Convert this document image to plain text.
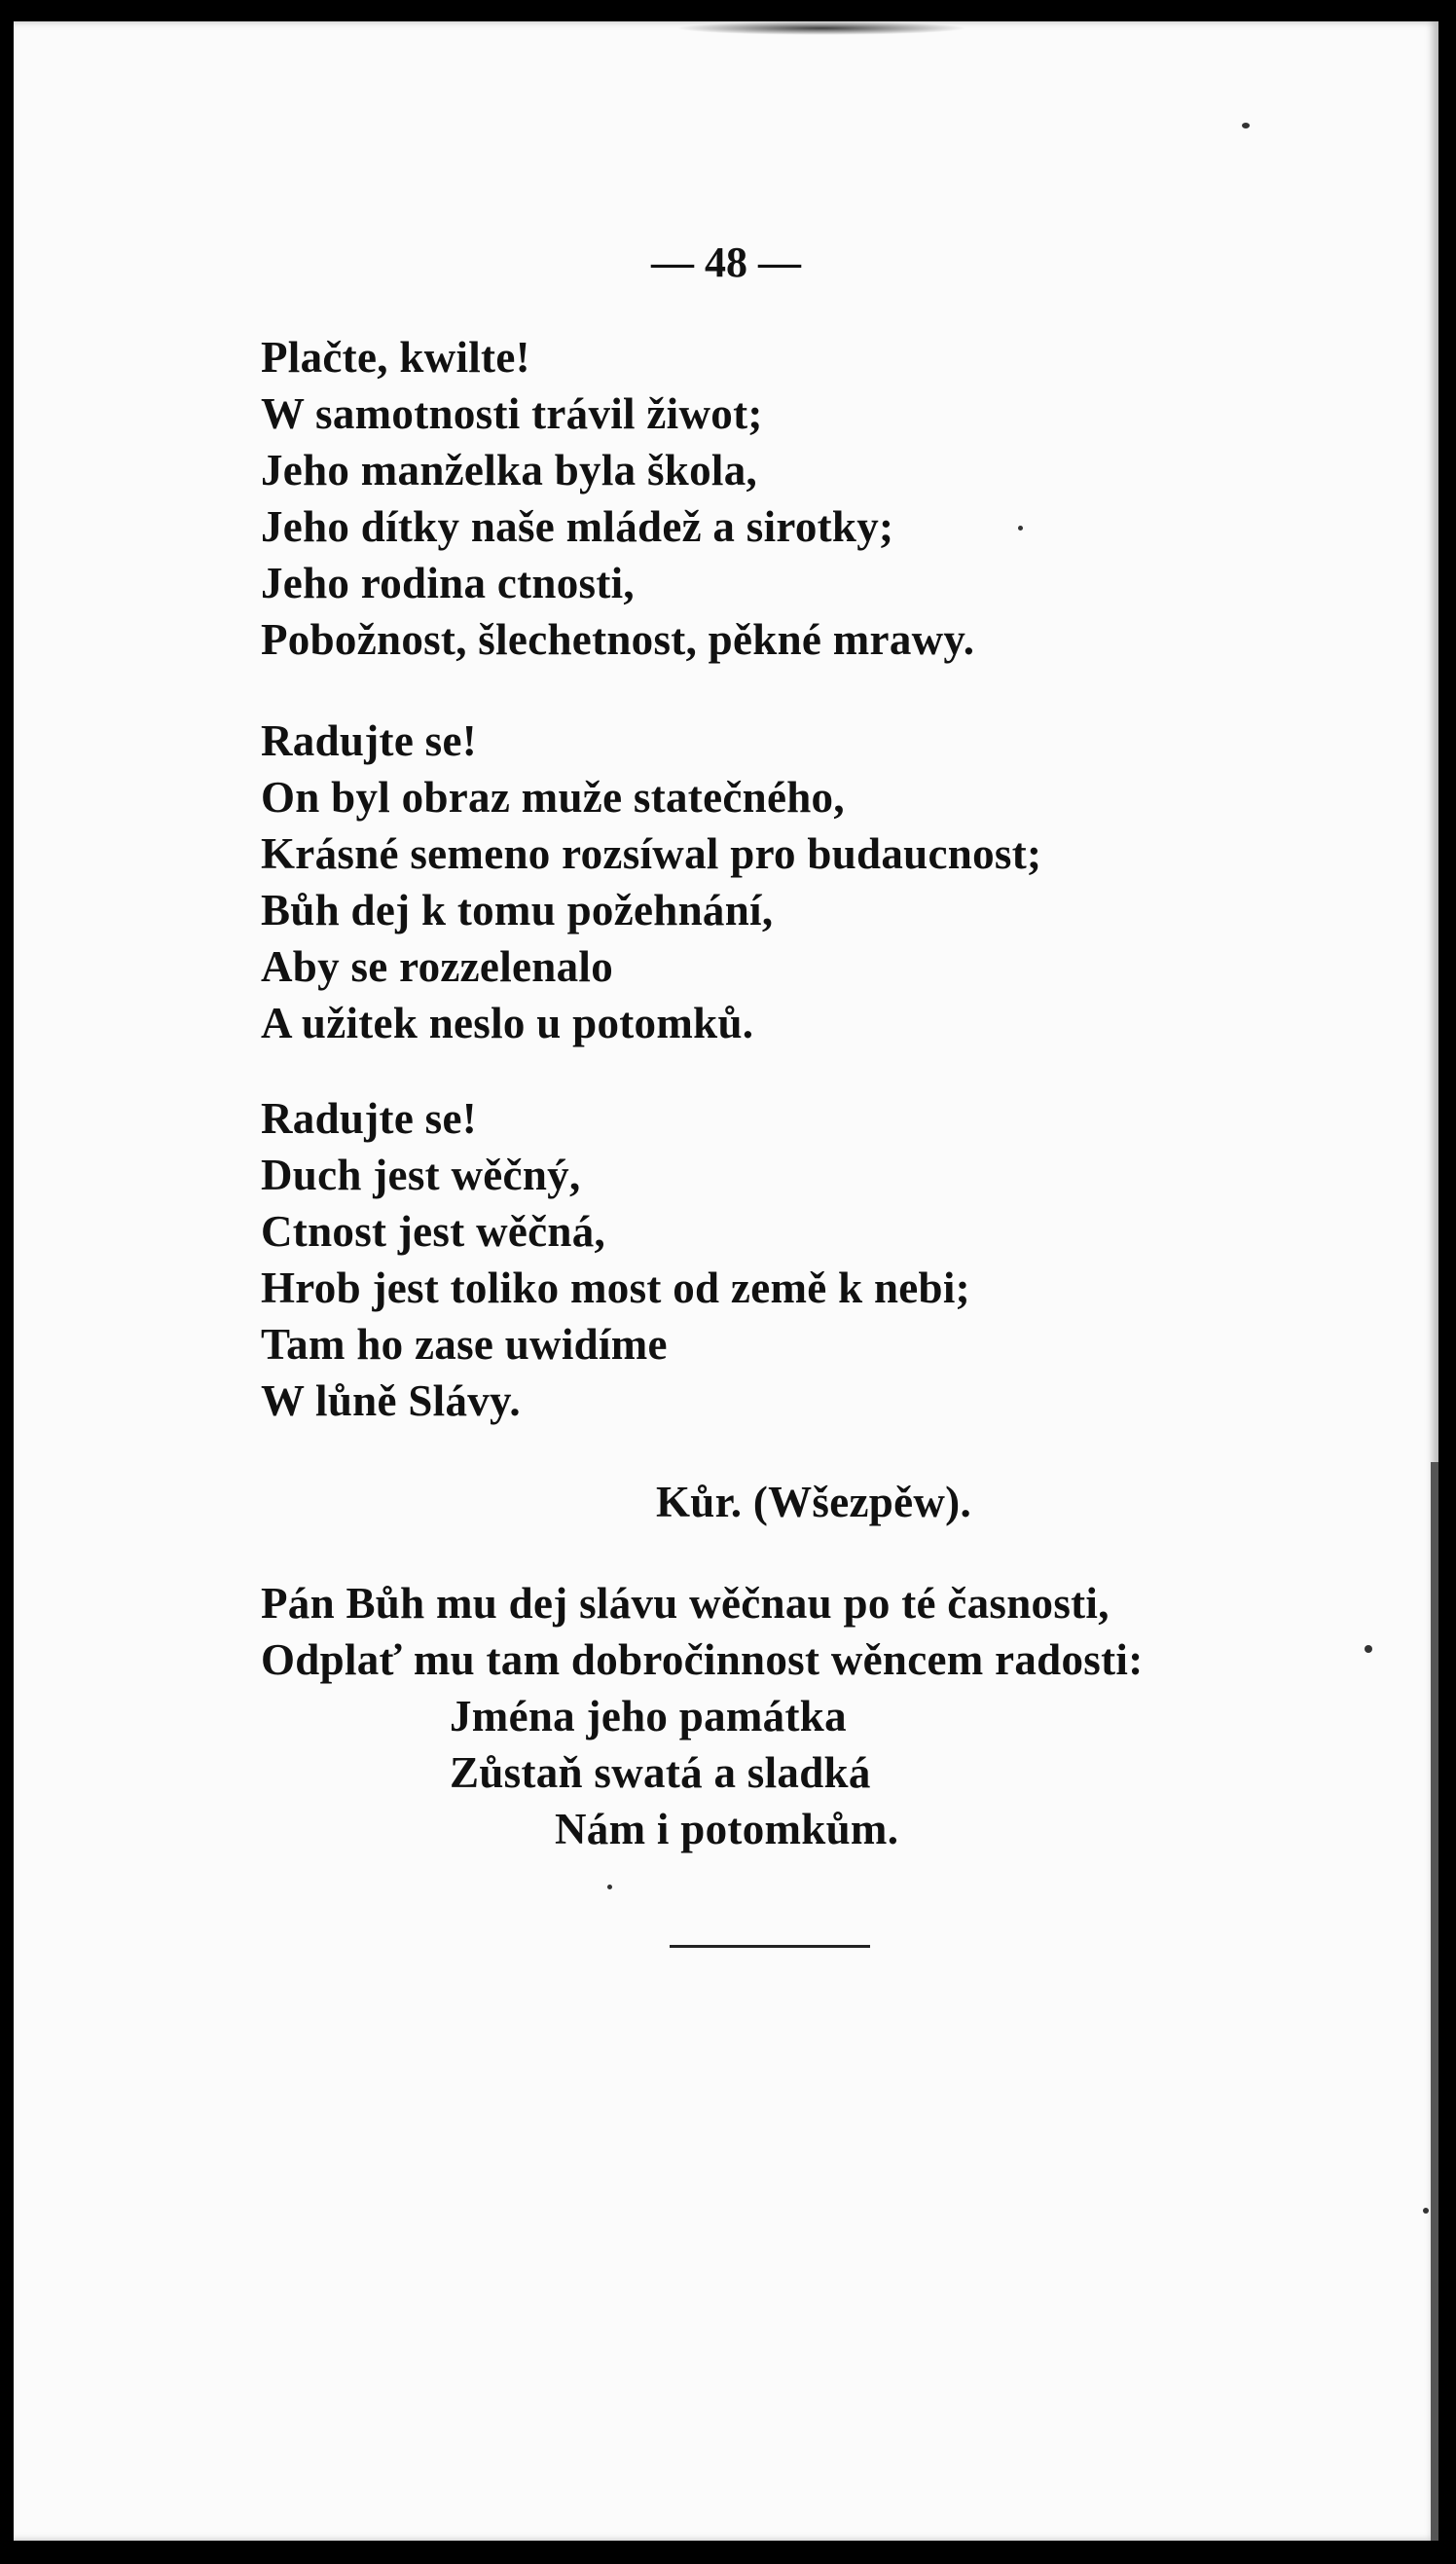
— 48 —
Plačte, kwilte!
W samotnosti trávil žiwot;
Jeho manželka byla škola,
Jeho dítky naše mládež a sirotky;
Jeho rodina ctnosti,
Pobožnost, šlechetnost, pěkné mrawy.
Radujte se!
On byl obraz muže statečného,
Krásné semeno rozsíwal pro budaucnost;
Bůh dej k tomu požehnání,
Aby se rozzelenalo
A užitek neslo u potomků.
Radujte se!
Duch jest wěčný,
Ctnost jest wěčná,
Hrob jest toliko most od země k nebi;
Tam ho zase uwidíme
W lůně Slávy.
Kůr. (Wšezpěw).
Pán Bůh mu dej slávu wěčnau po té časnosti,
Odplať mu tam dobročinnost wěncem radosti:
Jména jeho památka
Zůstaň swatá a sladká
Nám i potomkům.
